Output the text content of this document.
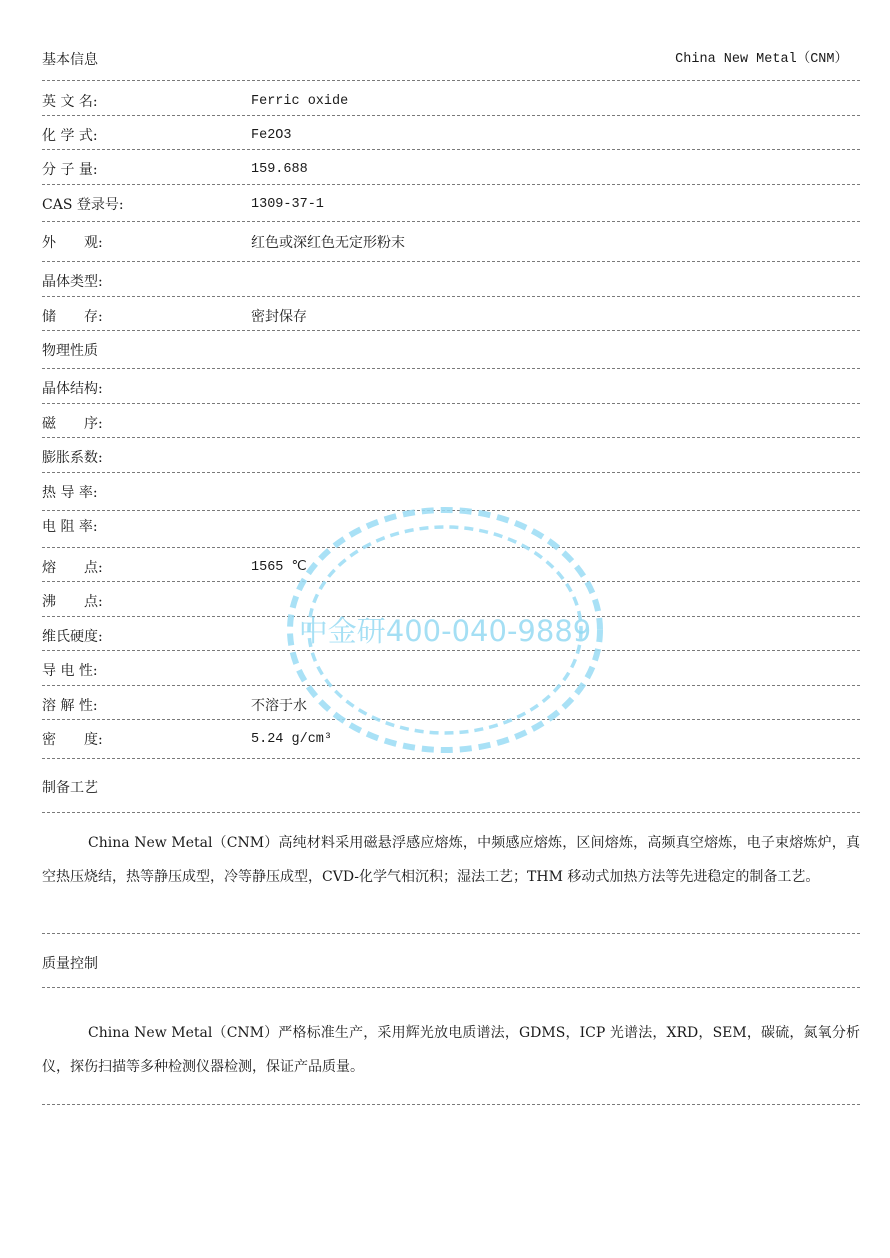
基本信息	China New Metal（CNM）
英 文 名:	Ferric oxide
化 学 式:	Fe2O3
分 子 量:	159.688
CAS 登录号:	1309-37-1
外　　观:	红色或深红色无定形粉末
晶体类型:
储　　存:	密封保存
物理性质
晶体结构:
磁　　序:
膨胀系数:
热 导 率:
电 阻 率:
熔　　点:	1565 ℃
沸　　点:
维氏硬度:
导 电 性:
溶 解 性:	不溶于水
密　　度:	5.24 g/cm³
制备工艺
China New Metal（CNM）高纯材料采用磁悬浮感应熔炼，中频感应熔炼，区间熔炼，高频真空熔炼，电子束熔炼炉，真空热压烧结，热等静压成型，冷等静压成型，CVD-化学气相沉积；湿法工艺；THM 移动式加热方法等先进稳定的制备工艺。
质量控制
China New Metal（CNM）严格标准生产，采用辉光放电质谱法，GDMS，ICP 光谱法，XRD，SEM，碳硫，氮氧分析仪，探伤扫描等多种检测仪器检测，保证产品质量。
中金研400-040-9889
